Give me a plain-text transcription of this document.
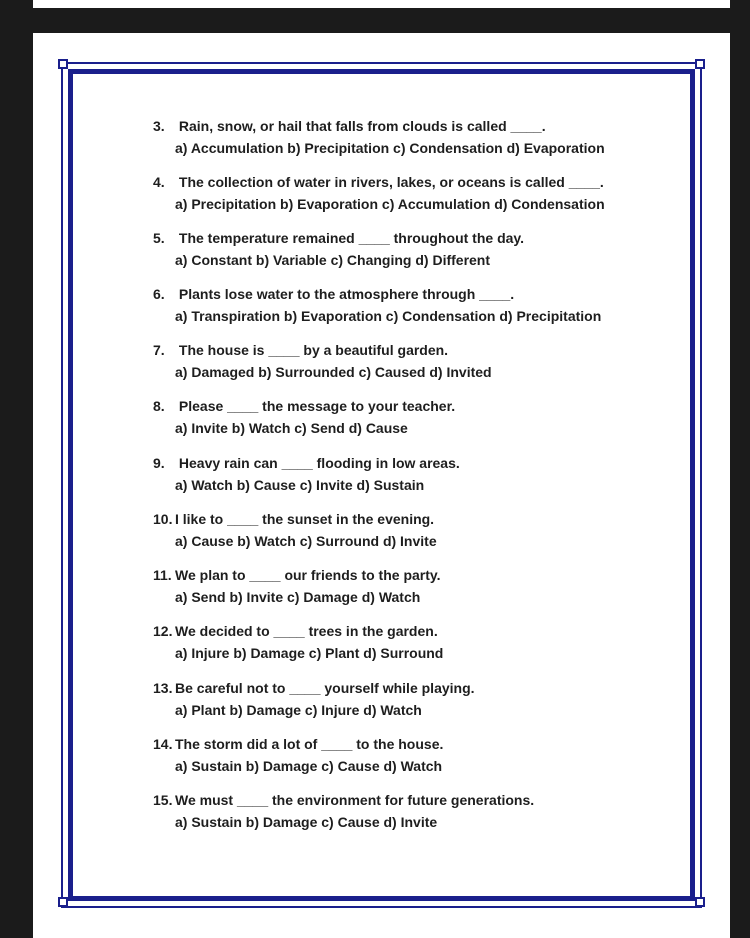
3. Rain, snow, or hail that falls from clouds is called ____.
a) Accumulation b) Precipitation c) Condensation d) Evaporation
4. The collection of water in rivers, lakes, or oceans is called ____.
a) Precipitation b) Evaporation c) Accumulation d) Condensation
5. The temperature remained ____ throughout the day.
a) Constant b) Variable c) Changing d) Different
6. Plants lose water to the atmosphere through ____.
a) Transpiration b) Evaporation c) Condensation d) Precipitation
7. The house is ____ by a beautiful garden.
a) Damaged b) Surrounded c) Caused d) Invited
8. Please ____ the message to your teacher.
a) Invite b) Watch c) Send d) Cause
9. Heavy rain can ____ flooding in low areas.
a) Watch b) Cause c) Invite d) Sustain
10. I like to ____ the sunset in the evening.
a) Cause b) Watch c) Surround d) Invite
11. We plan to ____ our friends to the party.
a) Send b) Invite c) Damage d) Watch
12. We decided to ____ trees in the garden.
a) Injure b) Damage c) Plant d) Surround
13. Be careful not to ____ yourself while playing.
a) Plant b) Damage c) Injure d) Watch
14. The storm did a lot of ____ to the house.
a) Sustain b) Damage c) Cause d) Watch
15. We must ____ the environment for future generations.
a) Sustain b) Damage c) Cause d) Invite
